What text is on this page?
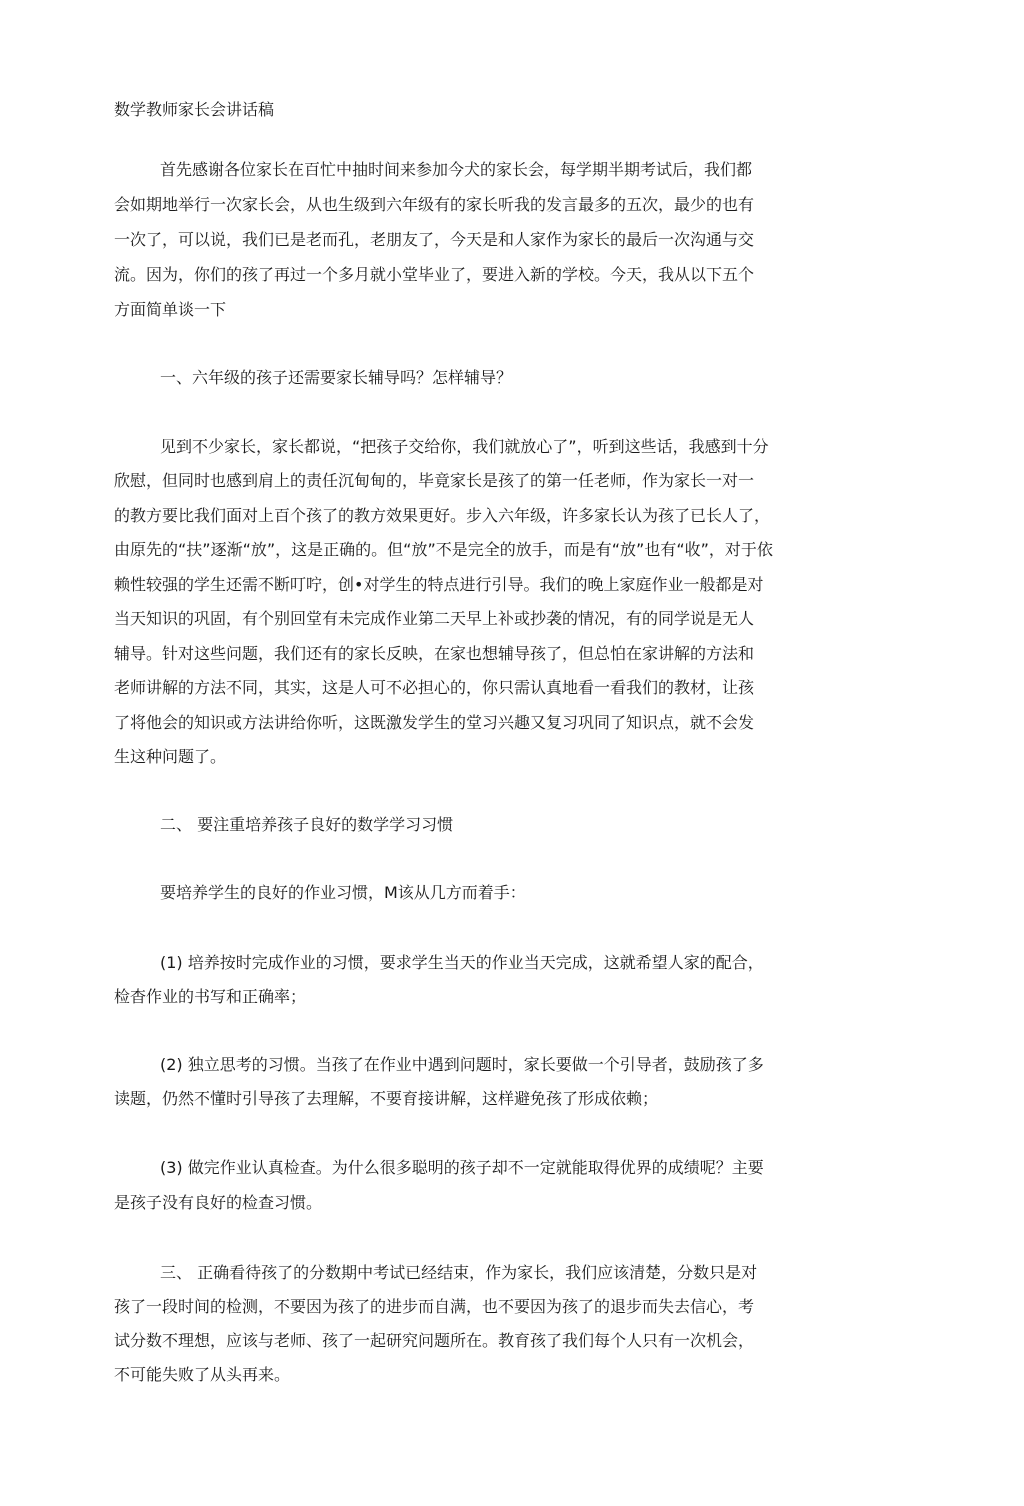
数学教师家长会讲话稿
首先感谢各位家长在百忙中抽时间来参加今犬的家长会，每学期半期考试后，我们都
会如期地举行一次家长会，从也生级到六年级有的家长听我的发言最多的五次，最少的也有
一次了，可以说，我们已是老而孔，老朋友了，今天是和人家作为家长的最后一次沟通与交
流。因为，你们的孩了再过一个多月就小堂毕业了，要进入新的学校。今天，我从以下五个
方面简单谈一下
一、六年级的孩子还需要家长辅导吗？怎样辅导？
见到不少家长，家长都说，“把孩子交给你，我们就放心了”，听到这些话，我感到十分
欣慰，但同时也感到肩上的责任沉甸甸的，毕竟家长是孩了的第一任老师，作为家长一对一
的教方要比我们面对上百个孩了的教方效果更好。步入六年级，许多家长认为孩了已长人了，
由原先的“扶”逐渐“放”，这是正确的。但“放”不是完全的放手，而是有“放”也有“收”，对于依
赖性较强的学生还需不断叮咛，创•对学生的特点进行引导。我们的晚上家庭作业一般都是对
当天知识的巩固，有个别回堂有未完成作业第二天早上补或抄袭的情况，有的同学说是无人
辅导。针对这些问题，我们还有的家长反映，在家也想辅导孩了，但总怕在家讲解的方法和
老师讲解的方法不同，其实，这是人可不必担心的，你只需认真地看一看我们的教材，让孩
了将他会的知识或方法讲给你听，这既激发学生的堂习兴趣又复习巩同了知识点，就不会发
生这种问题了。
二、 要注重培养孩子良好的数学学习习惯
要培养学生的良好的作业习惯，M该从几方而着手：
(1) 培养按时完成作业的习惯，要求学生当天的作业当天完成，这就希望人家的配合，
检杳作业的书写和正确率；
(2) 独立思考的习惯。当孩了在作业中遇到问题时，家长要做一个引导者，鼓励孩了多
读题，仍然不懂时引导孩了去理解，不要育接讲解，这样避免孩了形成依赖；
(3) 做完作业认真检查。为什么很多聪明的孩子却不一定就能取得优界的成绩呢？主要
是孩子没有良好的检查习惯。
三、 正确看待孩了的分数期中考试已经结束，作为家长，我们应该清楚，分数只是对
孩了一段时间的检测，不要因为孩了的进步而自满，也不要因为孩了的退步而失去信心，考
试分数不理想，应该与老师、孩了一起研究问题所在。教育孩了我们每个人只有一次机会，
不可能失败了从头再来。
